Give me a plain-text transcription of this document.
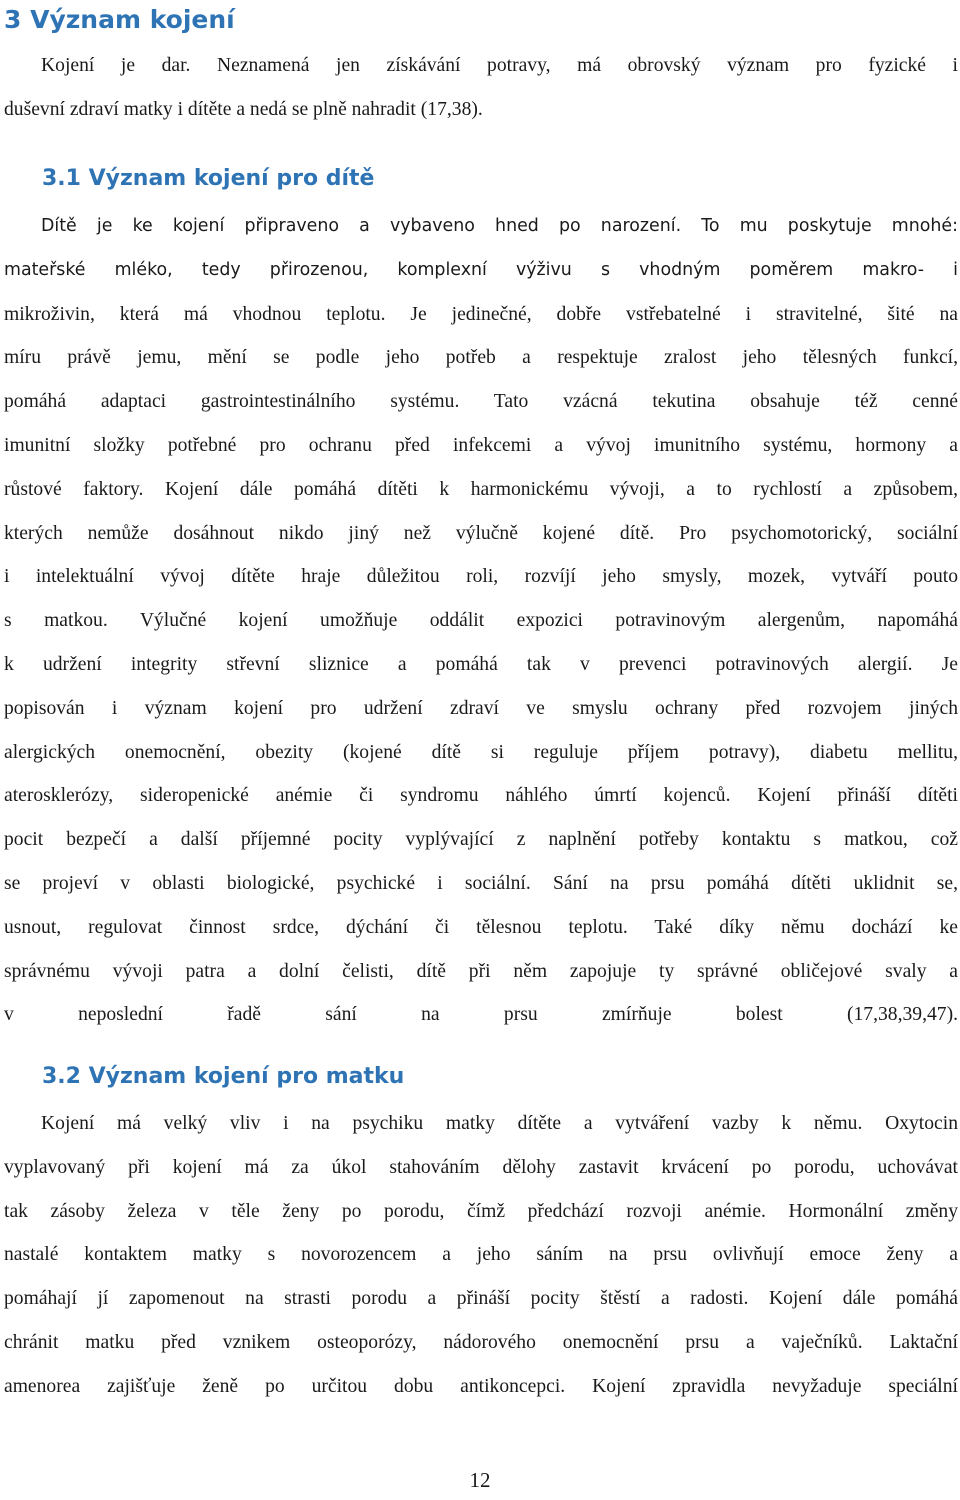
3 Význam kojení
Kojení je dar. Neznamená jen získávání potravy, má obrovský význam pro fyzické i
duševní zdraví matky i dítěte a nedá se plně nahradit (17,38).
3.1 Význam kojení pro dítě
Dítě je ke kojení připraveno a vybaveno hned po narození. To mu poskytuje mnohé:
mateřské mléko, tedy přirozenou, komplexní výživu s vhodným poměrem makro- i
mikroživin, která má vhodnou teplotu. Je jedinečné, dobře vstřebatelné i stravitelné, šité na
míru právě jemu, mění se podle jeho potřeb a respektuje zralost jeho tělesných funkcí,
pomáhá adaptaci gastrointestinálního systému. Tato vzácná tekutina obsahuje též cenné
imunitní složky potřebné pro ochranu před infekcemi a vývoj imunitního systému, hormony a
růstové faktory. Kojení dále pomáhá dítěti k harmonickému vývoji, a to rychlostí a způsobem,
kterých nemůže dosáhnout nikdo jiný než výlučně kojené dítě. Pro psychomotorický, sociální
i intelektuální vývoj dítěte hraje důležitou roli, rozvíjí jeho smysly, mozek, vytváří pouto
s matkou. Výlučné kojení umožňuje oddálit expozici potravinovým alergenům, napomáhá
k udržení integrity střevní sliznice a pomáhá tak v prevenci potravinových alergií. Je
popisován i význam kojení pro udržení zdraví ve smyslu ochrany před rozvojem jiných
alergických onemocnění, obezity (kojené dítě si reguluje příjem potravy), diabetu mellitu,
aterosklerózy, sideropenické anémie či syndromu náhlého úmrtí kojenců. Kojení přináší dítěti
pocit bezpečí a další příjemné pocity vyplývající z naplnění potřeby kontaktu s matkou, což
se projeví v oblasti biologické, psychické i sociální. Sání na prsu pomáhá dítěti uklidnit se,
usnout, regulovat činnost srdce, dýchání či tělesnou teplotu. Také díky němu dochází ke
správnému vývoji patra a dolní čelisti, dítě při něm zapojuje ty správné obličejové svaly a
v neposlední řadě sání na prsu zmírňuje bolest (17,38,39,47).
3.2 Význam kojení pro matku
Kojení má velký vliv i na psychiku matky dítěte a vytváření vazby k němu. Oxytocin
vyplavovaný při kojení má za úkol stahováním dělohy zastavit krvácení po porodu, uchovávat
tak zásoby železa v těle ženy po porodu, čímž předchází rozvoji anémie. Hormonální změny
nastalé kontaktem matky s novorozencem a jeho sáním na prsu ovlivňují emoce ženy a
pomáhají jí zapomenout na strasti porodu a přináší pocity štěstí a radosti. Kojení dále pomáhá
chránit matku před vznikem osteoporózy, nádorového onemocnění prsu a vaječníků. Laktační
amenorea zajišťuje ženě po určitou dobu antikoncepci. Kojení zpravidla nevyžaduje speciální
12
